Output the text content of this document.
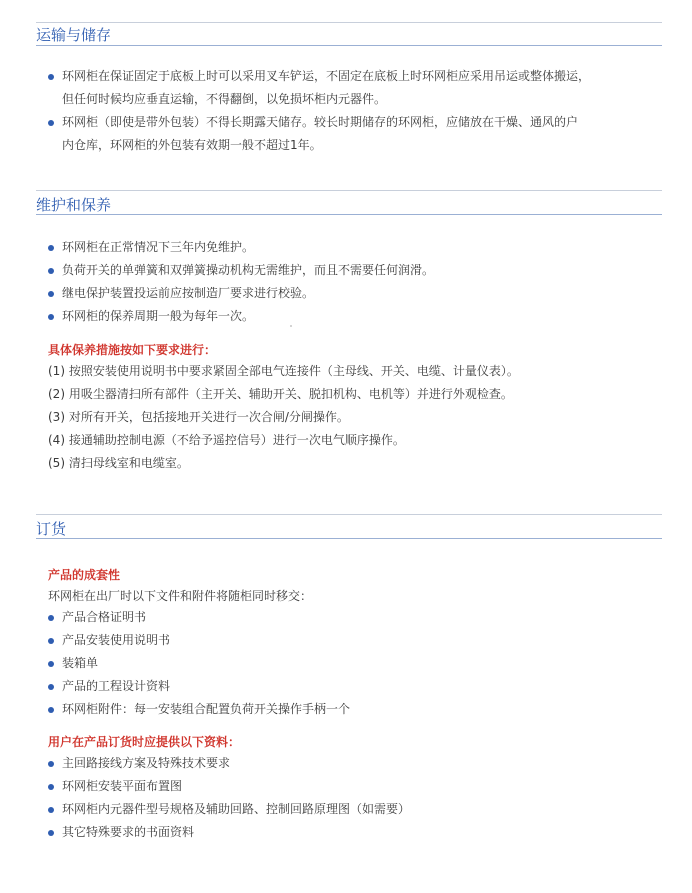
运输与储存
环网柜在保证固定于底板上时可以采用叉车铲运，不固定在底板上时环网柜应采用吊运或整体搬运，
但任何时候均应垂直运输，不得翻倒，以免损坏柜内元器件。
环网柜（即使是带外包装）不得长期露天储存。较长时期储存的环网柜，应储放在干燥、通风的户
内仓库，环网柜的外包装有效期一般不超过1年。
维护和保养
环网柜在正常情况下三年内免维护。
负荷开关的单弹簧和双弹簧操动机构无需维护，而且不需要任何润滑。
继电保护装置投运前应按制造厂要求进行校验。
环网柜的保养周期一般为每年一次。
具体保养措施按如下要求进行：
(1) 按照安装使用说明书中要求紧固全部电气连接件（主母线、开关、电缆、计量仪表）。
(2) 用吸尘器清扫所有部件（主开关、辅助开关、脱扣机构、电机等）并进行外观检查。
(3) 对所有开关，包括接地开关进行一次合闸/分闸操作。
(4) 接通辅助控制电源（不给予遥控信号）进行一次电气顺序操作。
(5) 清扫母线室和电缆室。
订货
产品的成套性
环网柜在出厂时以下文件和附件将随柜同时移交：
产品合格证明书
产品安装使用说明书
装箱单
产品的工程设计资料
环网柜附件：每一安装组合配置负荷开关操作手柄一个
用户在产品订货时应提供以下资料：
主回路接线方案及特殊技术要求
环网柜安装平面布置图
环网柜内元器件型号规格及辅助回路、控制回路原理图（如需要）
其它特殊要求的书面资料
